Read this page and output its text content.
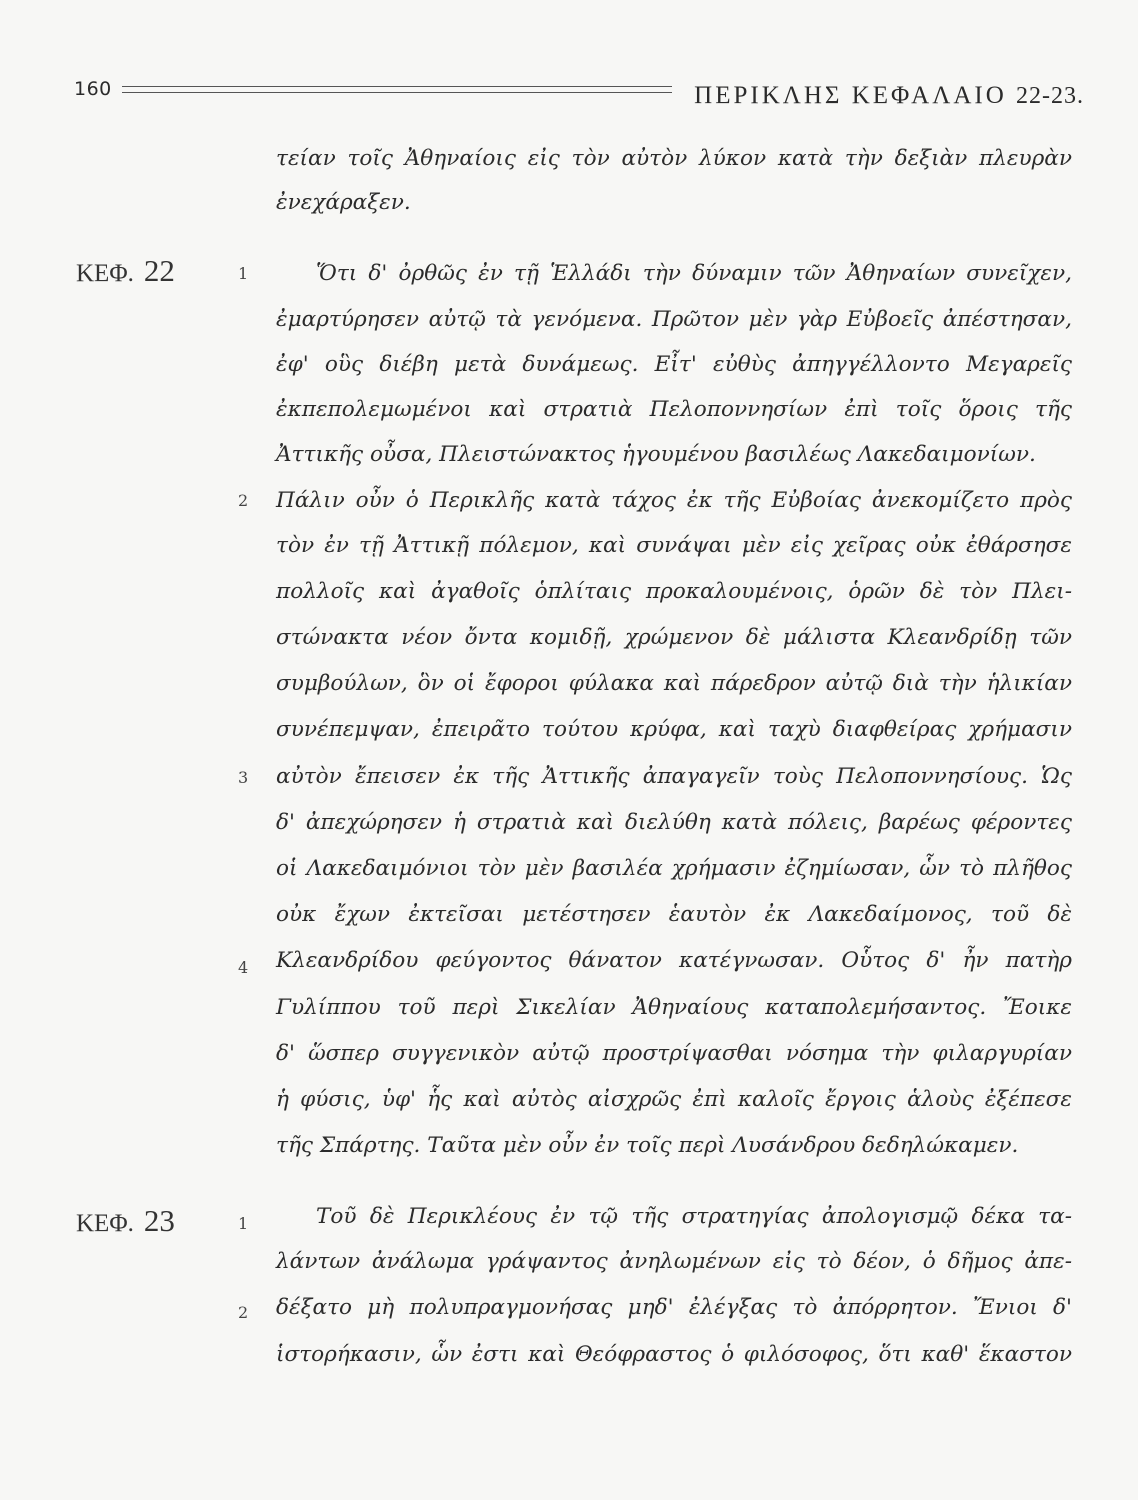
160	ΠΕΡΙΚΛΗΣ ΚΕΦΑΛΑΙΟ 22-23.
ΚΕΦ. 22
ΚΕΦ. 23
1
2
3
4
1
2
τείαν τοῖς Ἀθηναίοις εἰς τὸν αὐτὸν λύκον κατὰ τὴν δεξιὰν πλευρὰν
ἐνεχάραξεν.
Ὅτι δ' ὀρθῶς ἐν τῇ Ἑλλάδι τὴν δύναμιν τῶν Ἀθηναίων συνεῖχεν,
ἐμαρτύρησεν αὐτῷ τὰ γενόμενα. Πρῶτον μὲν γὰρ Εὐβοεῖς ἀπέστησαν,
ἐφ' οὓς διέβη μετὰ δυνάμεως. Εἶτ' εὐθὺς ἀπηγγέλλοντο Μεγαρεῖς
ἐκπεπολεμωμένοι καὶ στρατιὰ Πελοποννησίων ἐπὶ τοῖς ὅροις τῆς
Ἀττικῆς οὖσα, Πλειστώνακτος ἡγουμένου βασιλέως Λακεδαιμονίων.
Πάλιν οὖν ὁ Περικλῆς κατὰ τάχος ἐκ τῆς Εὐβοίας ἀνεκομίζετο πρὸς
τὸν ἐν τῇ Ἀττικῇ πόλεμον, καὶ συνάψαι μὲν εἰς χεῖρας οὐκ ἐθάρσησε
πολλοῖς καὶ ἀγαθοῖς ὁπλίταις προκαλουμένοις, ὁρῶν δὲ τὸν Πλει-
στώνακτα νέον ὄντα κομιδῇ, χρώμενον δὲ μάλιστα Κλεανδρίδῃ τῶν
συμβούλων, ὃν οἱ ἔφοροι φύλακα καὶ πάρεδρον αὐτῷ διὰ τὴν ἡλικίαν
συνέπεμψαν, ἐπειρᾶτο τούτου κρύφα, καὶ ταχὺ διαφθείρας χρήμασιν
αὐτὸν ἔπεισεν ἐκ τῆς Ἀττικῆς ἀπαγαγεῖν τοὺς Πελοποννησίους. Ὡς
δ' ἀπεχώρησεν ἡ στρατιὰ καὶ διελύθη κατὰ πόλεις, βαρέως φέροντες
οἱ Λακεδαιμόνιοι τὸν μὲν βασιλέα χρήμασιν ἐζημίωσαν, ὧν τὸ πλῆθος
οὐκ ἔχων ἐκτεῖσαι μετέστησεν ἑαυτὸν ἐκ Λακεδαίμονος, τοῦ δὲ
Κλεανδρίδου φεύγοντος θάνατον κατέγνωσαν. Οὗτος δ' ἦν πατὴρ
Γυλίππου τοῦ περὶ Σικελίαν Ἀθηναίους καταπολεμήσαντος. Ἔοικε
δ' ὥσπερ συγγενικὸν αὐτῷ προστρίψασθαι νόσημα τὴν φιλαργυρίαν
ἡ φύσις, ὑφ' ἧς καὶ αὐτὸς αἰσχρῶς ἐπὶ καλοῖς ἔργοις ἁλοὺς ἐξέπεσε
τῆς Σπάρτης. Ταῦτα μὲν οὖν ἐν τοῖς περὶ Λυσάνδρου δεδηλώκαμεν.
Τοῦ δὲ Περικλέους ἐν τῷ τῆς στρατηγίας ἀπολογισμῷ δέκα τα-
λάντων ἀνάλωμα γράψαντος ἀνηλωμένων εἰς τὸ δέον, ὁ δῆμος ἀπε-
δέξατο μὴ πολυπραγμονήσας μηδ' ἐλέγξας τὸ ἀπόρρητον. Ἔνιοι δ'
ἱστορήκασιν, ὧν ἐστι καὶ Θεόφραστος ὁ φιλόσοφος, ὅτι καθ' ἕκαστον
